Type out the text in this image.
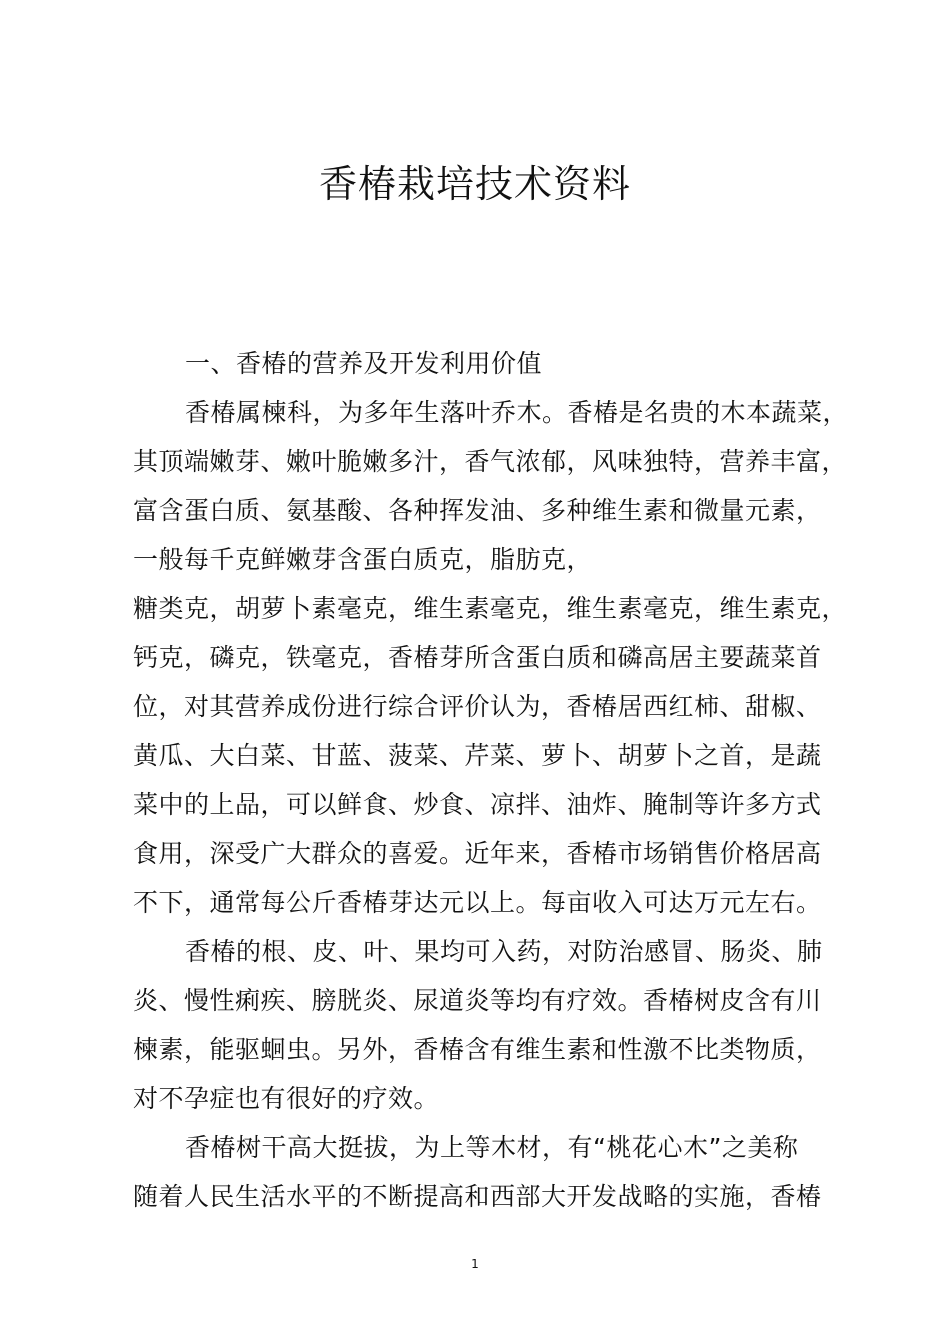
香椿栽培技术资料
一、香椿的营养及开发利用价值
香椿属楝科，为多年生落叶乔木。香椿是名贵的木本蔬菜，
其顶端嫩芽、嫩叶脆嫩多汁，香气浓郁，风味独特，营养丰富，
富含蛋白质、氨基酸、各种挥发油、多种维生素和微量元素，
一般每千克鲜嫩芽含蛋白质克，脂肪克，
糖类克，胡萝卜素毫克，维生素毫克，维生素毫克，维生素克，
钙克，磷克，铁毫克，香椿芽所含蛋白质和磷高居主要蔬菜首
位，对其营养成份进行综合评价认为，香椿居西红柿、甜椒、
黄瓜、大白菜、甘蓝、菠菜、芹菜、萝卜、胡萝卜之首，是蔬
菜中的上品，可以鲜食、炒食、凉拌、油炸、腌制等许多方式
食用，深受广大群众的喜爱。近年来，香椿市场销售价格居高
不下，通常每公斤香椿芽达元以上。每亩收入可达万元左右。
香椿的根、皮、叶、果均可入药，对防治感冒、肠炎、肺
炎、慢性痢疾、膀胱炎、尿道炎等均有疗效。香椿树皮含有川
楝素，能驱蛔虫。另外，香椿含有维生素和性激不比类物质，
对不孕症也有很好的疗效。
香椿树干高大挺拔，为上等木材，有“桃花心木”之美称
随着人民生活水平的不断提高和西部大开发战略的实施，香椿
1
